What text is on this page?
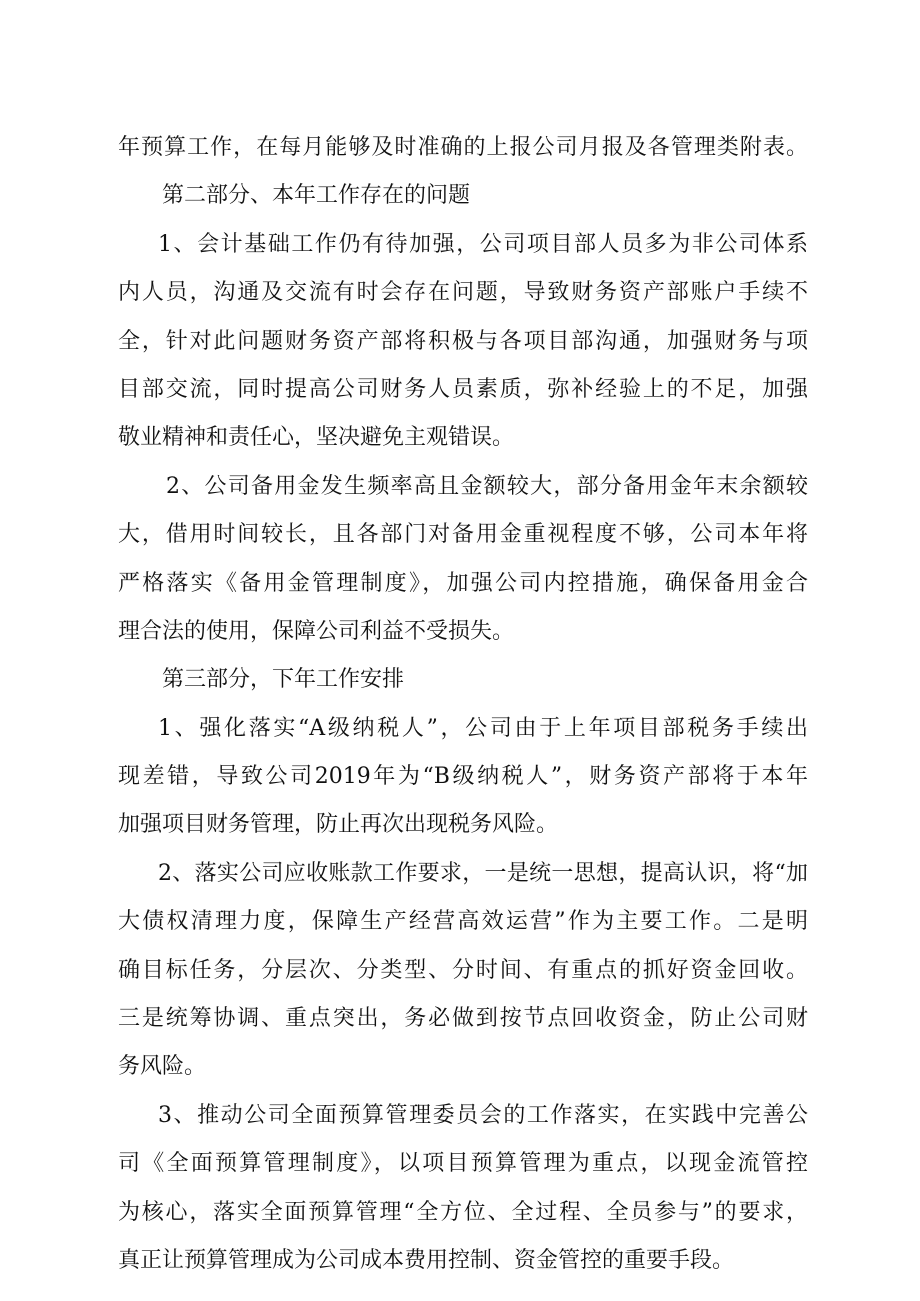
年预算工作，在每月能够及时准确的上报公司月报及各管理类附表。
第二部分、本年工作存在的问题
1、会计基础工作仍有待加强，公司项目部人员多为非公司体系
内人员，沟通及交流有时会存在问题，导致财务资产部账户手续不
全，针对此问题财务资产部将积极与各项目部沟通，加强财务与项
目部交流，同时提高公司财务人员素质，弥补经验上的不足，加强
敬业精神和责任心，坚决避免主观错误。
2、公司备用金发生频率高且金额较大，部分备用金年末余额较
大，借用时间较长，且各部门对备用金重视程度不够，公司本年将
严格落实《备用金管理制度》，加强公司内控措施，确保备用金合
理合法的使用，保障公司利益不受损失。
第三部分，下年工作安排
1、强化落实“A级纳税人”，公司由于上年项目部税务手续出
现差错，导致公司2019年为“B级纳税人”，财务资产部将于本年
加强项目财务管理，防止再次出现税务风险。
2、落实公司应收账款工作要求，一是统一思想，提高认识，将“加
大债权清理力度，保障生产经营高效运营”作为主要工作。二是明
确目标任务，分层次、分类型、分时间、有重点的抓好资金回收。
三是统筹协调、重点突出，务必做到按节点回收资金，防止公司财
务风险。
3、推动公司全面预算管理委员会的工作落实，在实践中完善公
司《全面预算管理制度》，以项目预算管理为重点，以现金流管控
为核心，落实全面预算管理“全方位、全过程、全员参与”的要求，
真正让预算管理成为公司成本费用控制、资金管控的重要手段。
